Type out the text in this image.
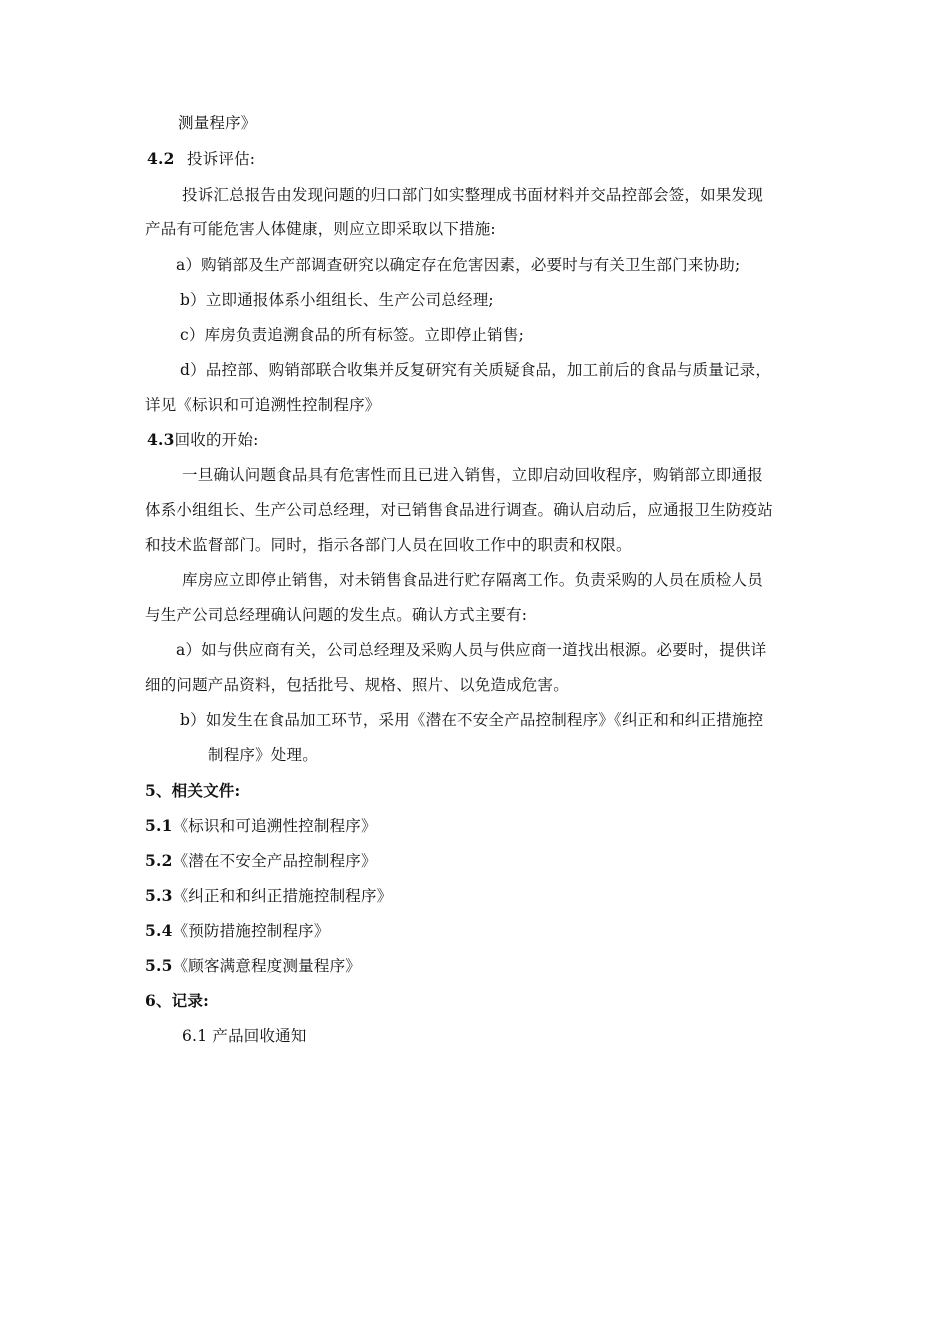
测量程序》
4.2 投诉评估:
投诉汇总报告由发现问题的归口部门如实整理成书面材料并交品控部会签，如果发现
产品有可能危害人体健康，则应立即采取以下措施:
a）购销部及生产部调查研究以确定存在危害因素，必要时与有关卫生部门来协助;
b）立即通报体系小组组长、生产公司总经理;
c）库房负责追溯食品的所有标签。立即停止销售;
d）品控部、购销部联合收集并反复研究有关质疑食品，加工前后的食品与质量记录，
详见《标识和可追溯性控制程序》
4.3回收的开始:
一旦确认问题食品具有危害性而且已进入销售，立即启动回收程序，购销部立即通报
体系小组组长、生产公司总经理，对已销售食品进行调查。确认启动后，应通报卫生防疫站
和技术监督部门。同时，指示各部门人员在回收工作中的职责和权限。
库房应立即停止销售，对未销售食品进行贮存隔离工作。负责采购的人员在质检人员
与生产公司总经理确认问题的发生点。确认方式主要有:
a）如与供应商有关，公司总经理及采购人员与供应商一道找出根源。必要时，提供详
细的问题产品资料，包括批号、规格、照片、以免造成危害。
b）如发生在食品加工环节，采用《潜在不安全产品控制程序》《纠正和和纠正措施控
制程序》处理。
5、相关文件:
5.1《标识和可追溯性控制程序》
5.2《潜在不安全产品控制程序》
5.3《纠正和和纠正措施控制程序》
5.4《预防措施控制程序》
5.5《顾客满意程度测量程序》
6、记录:
6.1 产品回收通知
